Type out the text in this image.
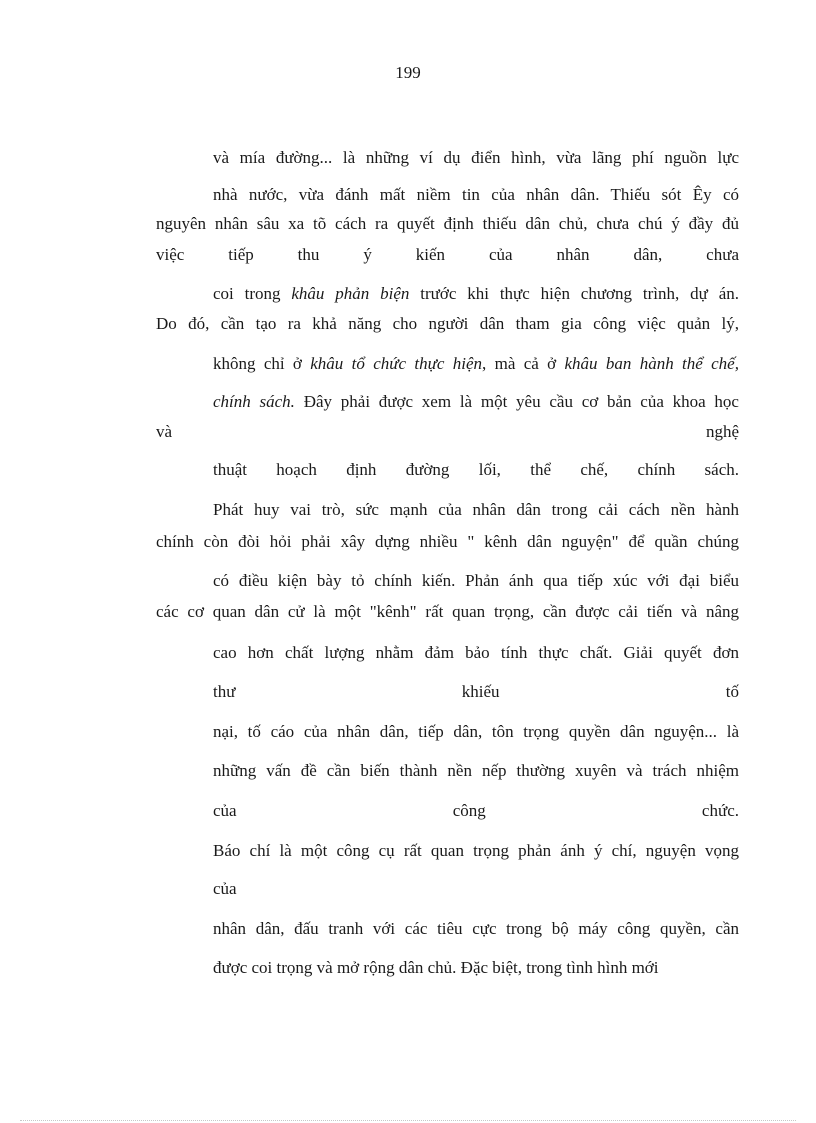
199
và mía đường... là những ví dụ điển hình, vừa lãng phí nguồn lực
nhà nước, vừa đánh mất niềm tin của nhân dân. Thiếu sót Êy có
nguyên nhân sâu xa tõ cách ra quyết định thiếu dân chủ, chưa chú ý đầy đủ
việc tiếp thu ý kiến của nhân dân, chưa
coi trong khâu phản biện trước khi thực hiện chương trình, dự án.
Do đó, cần tạo ra khả năng cho người dân tham gia công việc quản lý,
không chỉ ở khâu tổ chức thực hiện, mà cả ở khâu ban hành thể chế,
chính sách. Đây phải được xem là một yêu cầu cơ bản của khoa học
và nghệ
thuật hoạch định đường lối, thể chế, chính sách.
Phát huy vai trò, sức mạnh của nhân dân trong cải cách nền hành
chính còn đòi hỏi phải xây dựng nhiều " kênh dân nguyện" để quần chúng
có điều kiện bày tỏ chính kiến. Phản ánh qua tiếp xúc với đại biểu
các cơ quan dân cử là một "kênh" rất quan trọng, cần được cải tiến và nâng
cao hơn chất lượng nhằm đảm bảo tính thực chất. Giải quyết đơn
thư khiếu tố
nại, tố cáo của nhân dân, tiếp dân, tôn trọng quyền dân nguyện... là
những vấn đề cần biến thành nền nếp thường xuyên và trách nhiệm
của công chức.
Báo chí là một công cụ rất quan trọng phản ánh ý chí, nguyện vọng
của
nhân dân, đấu tranh với các tiêu cực trong bộ máy công quyền, cần
được coi trọng và mở rộng dân chủ. Đặc biệt, trong tình hình mới
